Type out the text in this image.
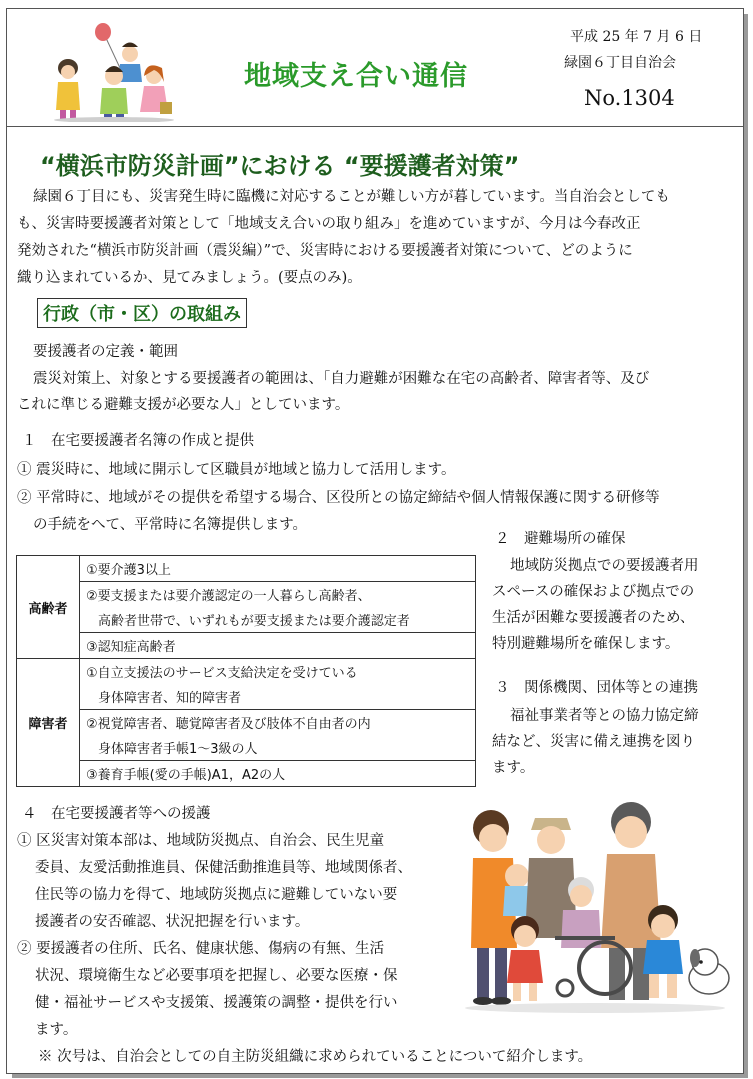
地域支え合い通信
平成 25 年 7 月 6 日
緑園６丁目自治会
No.1304
“横浜市防災計画”における “要援護者対策”
緑園６丁目にも、災害発生時に臨機に対応することが難しい方が暮しています。当自治会としても
も、災害時要援護者対策として「地域支え合いの取り組み」を進めていますが、今月は今春改正
発効された“横浜市防災計画（震災編）”で、災害時における要援護者対策について、どのように
織り込まれているか、見てみましょう。(要点のみ)。
行政（市・区）の取組み
要援護者の定義・範囲
震災対策上、対象とする要援護者の範囲は、「自力避難が困難な在宅の高齢者、障害者等、及び
これに準じる避難支援が必要な人」としています。
１　在宅要援護者名簿の作成と提供
① 震災時に、地域に開示して区職員が地域と協力して活用します。
② 平常時に、地域がその提供を希望する場合、区役所との協定締結や個人情報保護に関する研修等
の手続をへて、平常時に名簿提供します。
高齢者	①要介護3以上
	②要支援または要介護認定の一人暮らし高齢者、
	高齢者世帯で、いずれもが要支援または要介護認定者
	③認知症高齢者
障害者	①自立支援法のサービス支給決定を受けている
	身体障害者、知的障害者
	②視覚障害者、聴覚障害者及び肢体不自由者の内
	身体障害者手帳1～3級の人
	③養育手帳(愛の手帳)A1，A2の人
２　避難場所の確保
地域防災拠点での要援護者用
スペースの確保および拠点での
生活が困難な要援護者のため、
特別避難場所を確保します。
３　関係機関、団体等との連携
福祉事業者等との協力協定締
結など、災害に備え連携を図り
ます。
４　在宅要援護者等への援護
① 区災害対策本部は、地域防災拠点、自治会、民生児童
委員、友愛活動推進員、保健活動推進員等、地域関係者、
住民等の協力を得て、地域防災拠点に避難していない要
援護者の安否確認、状況把握を行います。
② 要援護者の住所、氏名、健康状態、傷病の有無、生活
状況、環境衛生など必要事項を把握し、必要な医療・保
健・福祉サービスや支援策、援護策の調整・提供を行い
ます。
※ 次号は、自治会としての自主防災組織に求められていることについて紹介します。
